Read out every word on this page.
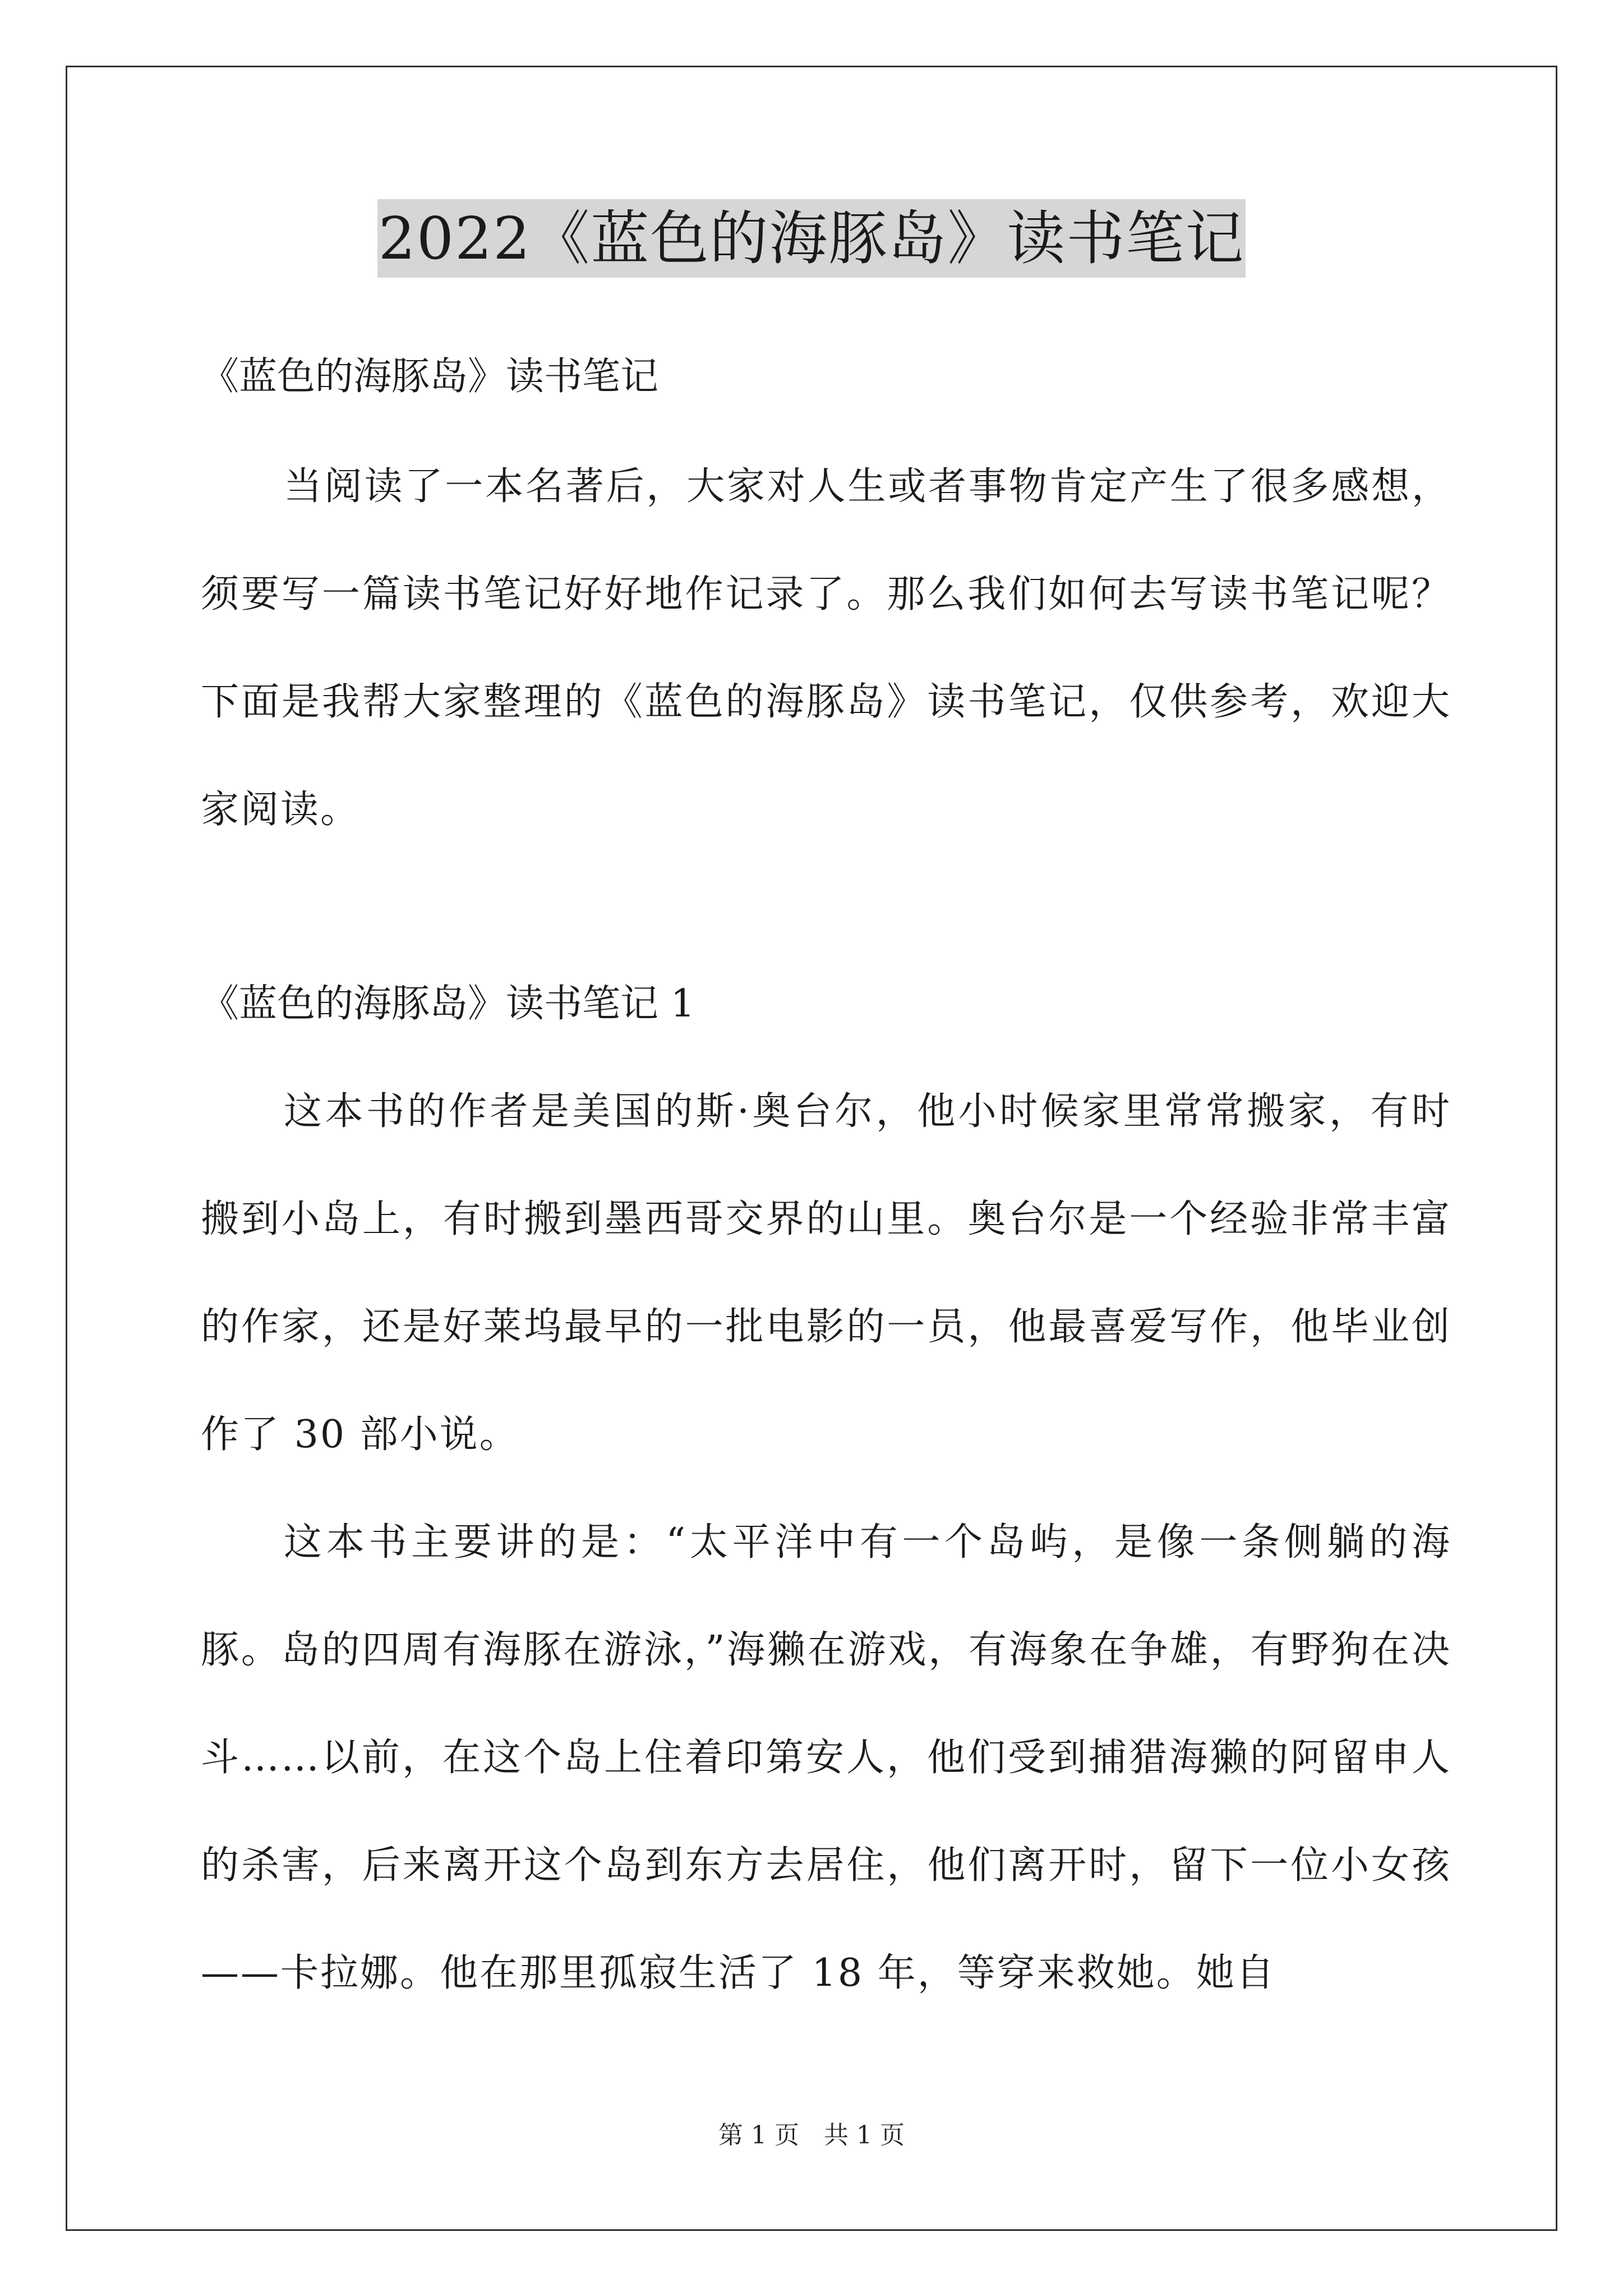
2022《蓝色的海豚岛》读书笔记

《蓝色的海豚岛》读书笔记

当阅读了一本名著后，大家对人生或者事物肯定产生了很多感想，须要写一篇读书笔记好好地作记录了。那么我们如何去写读书笔记呢？下面是我帮大家整理的《蓝色的海豚岛》读书笔记，仅供参考，欢迎大家阅读。

《蓝色的海豚岛》读书笔记 1

这本书的作者是美国的斯·奥台尔，他小时候家里常常搬家，有时搬到小岛上，有时搬到墨西哥交界的山里。奥台尔是一个经验非常丰富的作家，还是好莱坞最早的一批电影的一员，他最喜爱写作，他毕业创作了 30 部小说。

这本书主要讲的是：“太平洋中有一个岛屿，是像一条侧躺的海豚。岛的四周有海豚在游泳，”海獭在游戏，有海象在争雄，有野狗在决斗……以前，在这个岛上住着印第安人，他们受到捕猎海獭的阿留申人的杀害，后来离开这个岛到东方去居住，他们离开时，留下一位小女孩——卡拉娜。他在那里孤寂生活了 18 年，等穿来救她。她自

第 1 页　共 1 页
